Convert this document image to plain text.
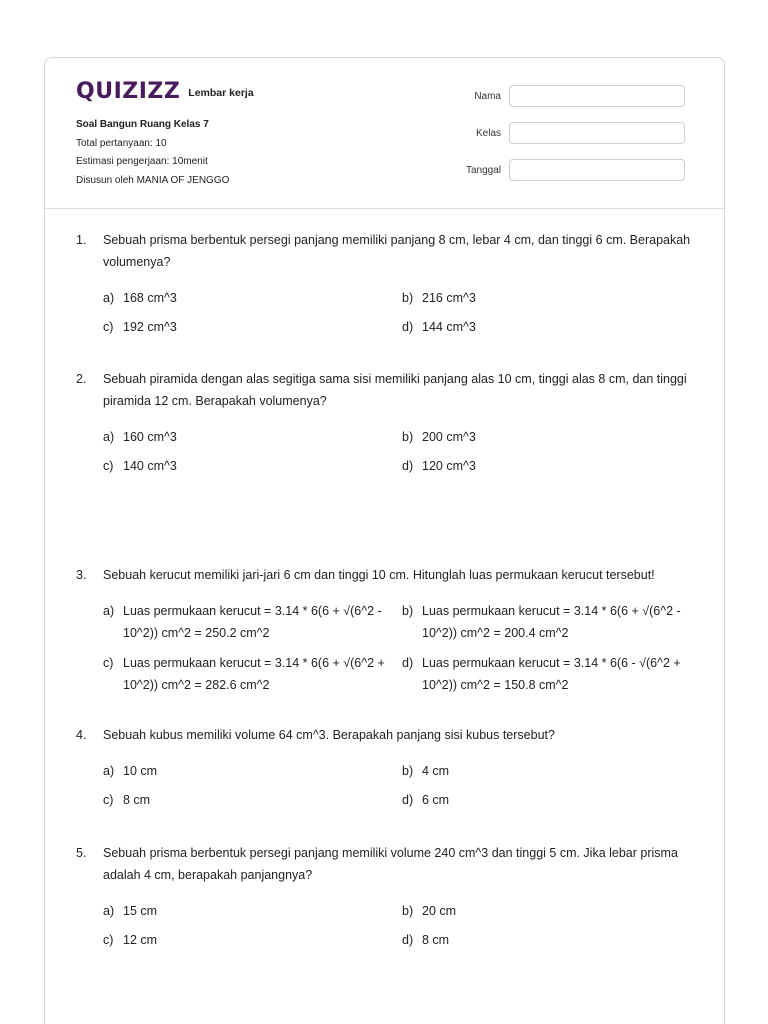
QUIZIZZ Lembar kerja
Soal Bangun Ruang Kelas 7
Total pertanyaan: 10
Estimasi pengerjaan: 10menit
Disusun oleh MANIA OF JENGGO
Nama
Kelas
Tanggal
1.	Sebuah prisma berbentuk persegi panjang memiliki panjang 8 cm, lebar 4 cm, dan tinggi 6 cm. Berapakah volumenya?
a) 168 cm^3	b) 216 cm^3
c) 192 cm^3	d) 144 cm^3
2.	Sebuah piramida dengan alas segitiga sama sisi memiliki panjang alas 10 cm, tinggi alas 8 cm, dan tinggi piramida 12 cm. Berapakah volumenya?
a) 160 cm^3	b) 200 cm^3
c) 140 cm^3	d) 120 cm^3
3.	Sebuah kerucut memiliki jari-jari 6 cm dan tinggi 10 cm. Hitunglah luas permukaan kerucut tersebut!
a) Luas permukaan kerucut = 3.14 * 6(6 + √(6^2 - 10^2)) cm^2 = 250.2 cm^2
b) Luas permukaan kerucut = 3.14 * 6(6 + √(6^2 - 10^2)) cm^2 = 200.4 cm^2
c) Luas permukaan kerucut = 3.14 * 6(6 + √(6^2 + 10^2)) cm^2 = 282.6 cm^2
d) Luas permukaan kerucut = 3.14 * 6(6 - √(6^2 + 10^2)) cm^2 = 150.8 cm^2
4.	Sebuah kubus memiliki volume 64 cm^3. Berapakah panjang sisi kubus tersebut?
a) 10 cm	b) 4 cm
c) 8 cm	d) 6 cm
5.	Sebuah prisma berbentuk persegi panjang memiliki volume 240 cm^3 dan tinggi 5 cm. Jika lebar prisma adalah 4 cm, berapakah panjangnya?
a) 15 cm	b) 20 cm
c) 12 cm	d) 8 cm
